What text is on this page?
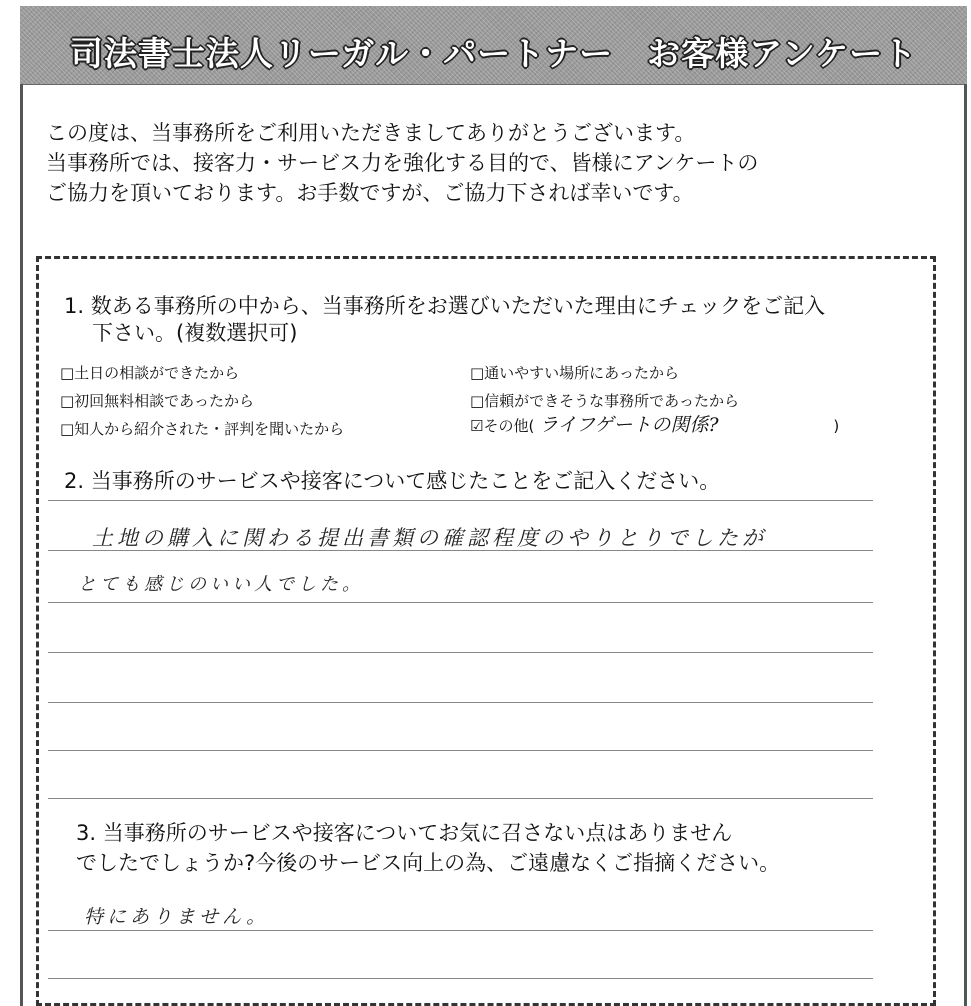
司法書士法人リーガル・パートナー　お客様アンケート

この度は、当事務所をご利用いただきましてありがとうございます。

当事務所では、接客力・サービス力を強化する目的で、皆様にアンケートの

ご協力を頂いております。お手数ですが、ご協力下されば幸いです。

1. 数ある事務所の中から、当事務所をお選びいただいた理由にチェックをご記入
下さい。(複数選択可)
□土日の相談ができたから	□通いやすい場所にあったから
□初回無料相談であったから	□信頼ができそうな事務所であったから
□知人から紹介された・評判を聞いたから	☑その他( ライフゲートの関係?	)
2. 当事務所のサービスや接客について感じたことをご記入ください。
土地の購入に関わる提出書類の確認程度のやりとりでしたが
とても感じのいい人でした。
3. 当事務所のサービスや接客についてお気に召さない点はありません
でしたでしょうか?今後のサービス向上の為、ご遠慮なくご指摘ください。
特にありません。
